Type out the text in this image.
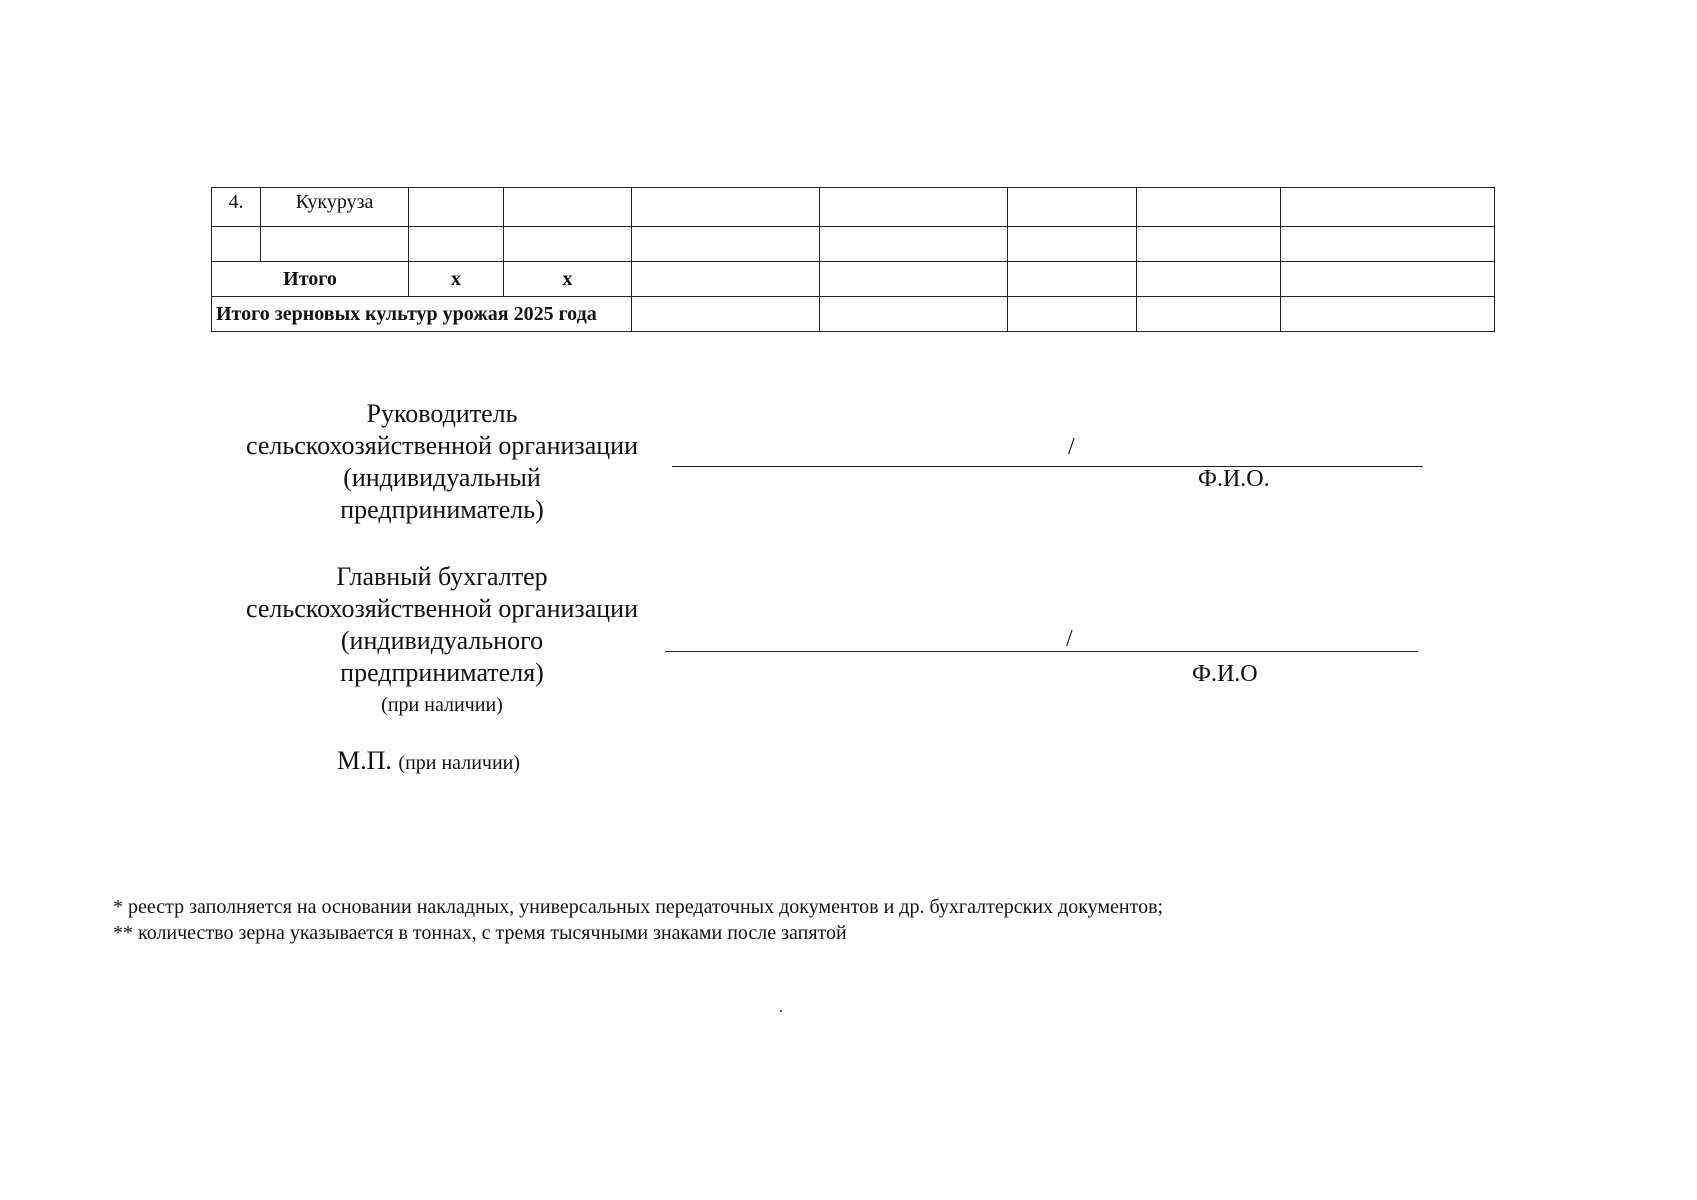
4.	Кукуруза							

Итого		х	х					
Итого зерновых культур урожая 2025 года								
Руководитель
сельскохозяйственной организации
(индивидуальный
предприниматель)
/
Ф.И.О.
Главный бухгалтер
сельскохозяйственной организации
(индивидуального
предпринимателя)
(при наличии)
/
Ф.И.О
М.П. (при наличии)
* реестр заполняется на основании накладных, универсальных передаточных документов и др. бухгалтерских документов;
** количество зерна указывается в тоннах, с тремя тысячными знаками после запятой
